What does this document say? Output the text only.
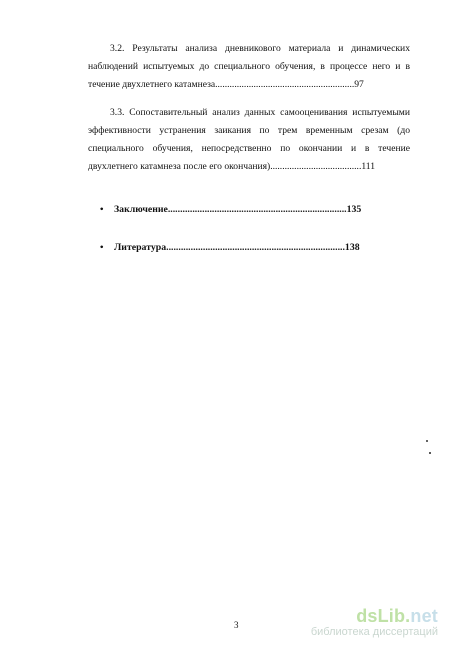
3.2. Результаты анализа дневникового материала и динамических
наблюдений испытуемых до специального обучения, в процессе него и в
течение двухлетнего катамнеза..........................................................97
3.3. Сопоставительный анализ данных самооценивания испытуемыми
эффективности устранения заикания по трем временным срезам (до
специального обучения, непосредственно по окончании и в течение
двухлетнего катамнеза после его окончания)......................................111
• Заключение.........................................................................135
• Литература.........................................................................138
3	dsLib.net
библиотека диссертаций
